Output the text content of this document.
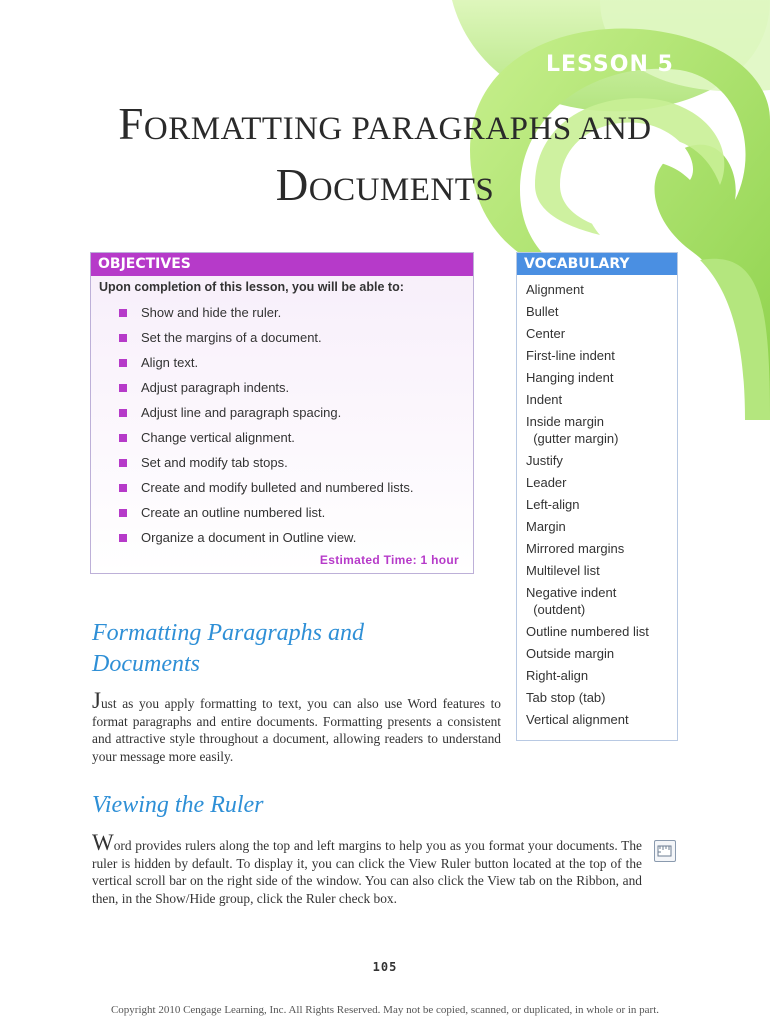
LESSON 5
FORMATTING PARAGRAPHS AND
DOCUMENTS
OBJECTIVES
Upon completion of this lesson, you will be able to:
Show and hide the ruler.
Set the margins of a document.
Align text.
Adjust paragraph indents.
Adjust line and paragraph spacing.
Change vertical alignment.
Set and modify tab stops.
Create and modify bulleted and numbered lists.
Create an outline numbered list.
Organize a document in Outline view.
Estimated Time: 1 hour
VOCABULARY
Alignment
Bullet
Center
First-line indent
Hanging indent
Indent
Inside margin
(gutter margin)
Justify
Leader
Left-align
Margin
Mirrored margins
Multilevel list
Negative indent
(outdent)
Outline numbered list
Outside margin
Right-align
Tab stop (tab)
Vertical alignment
Formatting Paragraphs and
Documents

Just as you apply formatting to text, you can also use Word features to format paragraphs and entire documents. Formatting presents a consistent and attractive style throughout a document, allowing readers to understand your message more easily.

Viewing the Ruler

Word provides rulers along the top and left margins to help you as you format your documents. The ruler is hidden by default. To display it, you can click the View Ruler button located at the top of the vertical scroll bar on the right side of the window. You can also click the View tab on the Ribbon, and then, in the Show/Hide group, click the Ruler check box.

105
Copyright 2010 Cengage Learning, Inc. All Rights Reserved. May not be copied, scanned, or duplicated, in whole or in part.
